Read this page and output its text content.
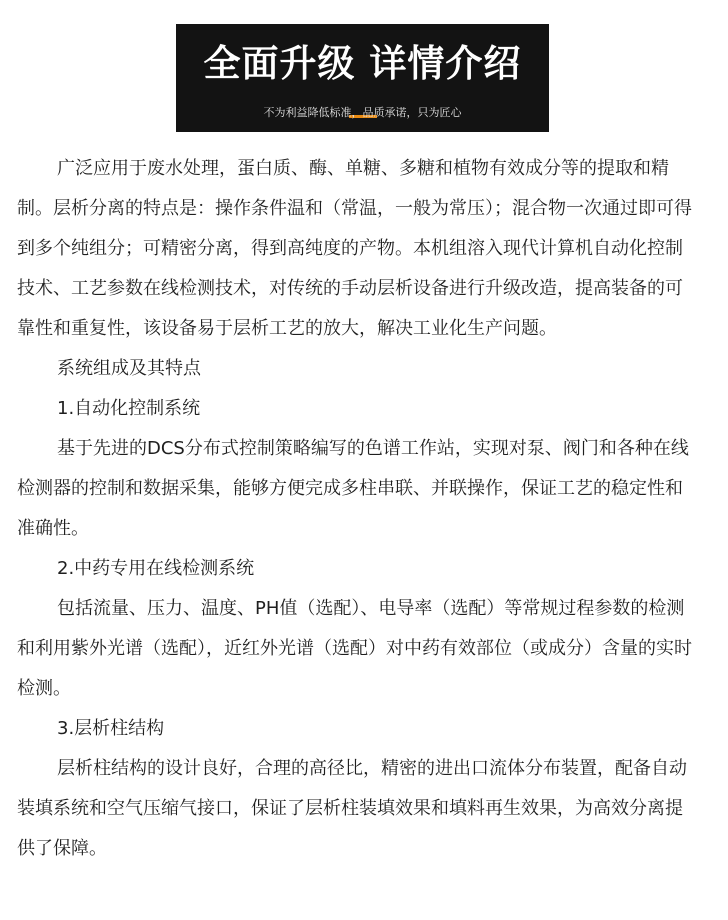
全面升级 详情介绍
不为利益降低标准，品质承诺，只为匠心

广泛应用于废水处理，蛋白质、酶、单糖、多糖和植物有效成分等的提取和精制。层析分离的特点是：操作条件温和（常温，一般为常压）；混合物一次通过即可得到多个纯组分；可精密分离，得到高纯度的产物。本机组溶入现代计算机自动化控制技术、工艺参数在线检测技术，对传统的手动层析设备进行升级改造，提高装备的可靠性和重复性，该设备易于层析工艺的放大，解决工业化生产问题。

系统组成及其特点

1.自动化控制系统

基于先进的DCS分布式控制策略编写的色谱工作站，实现对泵、阀门和各种在线检测器的控制和数据采集，能够方便完成多柱串联、并联操作，保证工艺的稳定性和准确性。

2.中药专用在线检测系统

包括流量、压力、温度、PH值（选配）、电导率（选配）等常规过程参数的检测和利用紫外光谱（选配），近红外光谱（选配）对中药有效部位（或成分）含量的实时检测。

3.层析柱结构

层析柱结构的设计良好，合理的高径比，精密的进出口流体分布装置，配备自动装填系统和空气压缩气接口，保证了层析柱装填效果和填料再生效果，为高效分离提供了保障。
